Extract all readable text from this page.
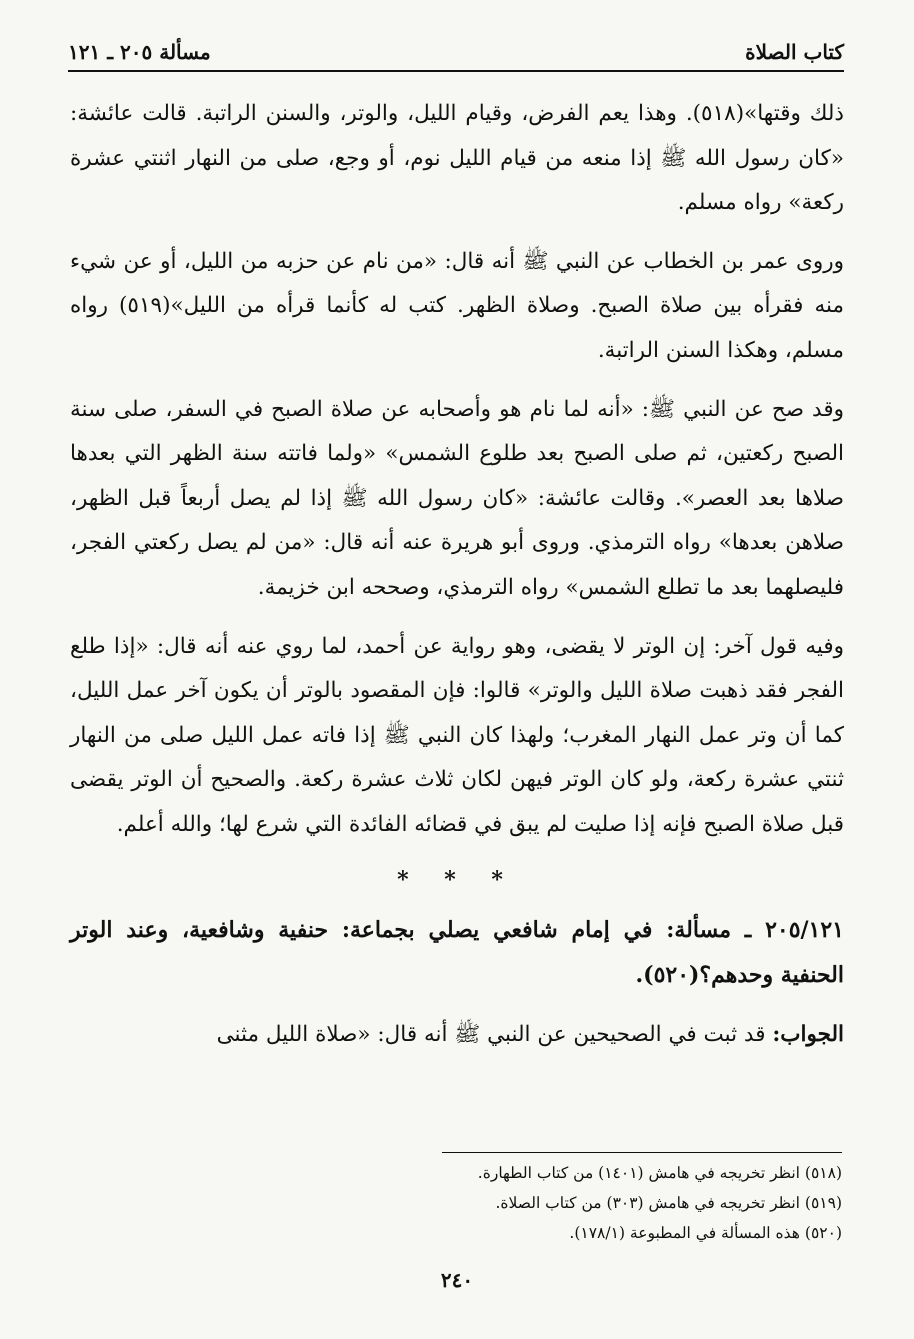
كتاب الصلاة
مسألة ٢٠٥ ـ ١٢١

ذلك وقتها»(٥١٨). وهذا يعم الفرض، وقيام الليل، والوتر، والسنن الراتبة. قالت عائشة: «كان رسول الله ﷺ إذا منعه من قيام الليل نوم، أو وجع، صلى من النهار اثنتي عشرة ركعة» رواه مسلم.

وروى عمر بن الخطاب عن النبي ﷺ أنه قال: «من نام عن حزبه من الليل، أو عن شيء منه فقرأه بين صلاة الصبح. وصلاة الظهر. كتب له كأنما قرأه من الليل»(٥١٩) رواه مسلم، وهكذا السنن الراتبة.

وقد صح عن النبي ﷺ: «أنه لما نام هو وأصحابه عن صلاة الصبح في السفر، صلى سنة الصبح ركعتين، ثم صلى الصبح بعد طلوع الشمس» «ولما فاتته سنة الظهر التي بعدها صلاها بعد العصر». وقالت عائشة: «كان رسول الله ﷺ إذا لم يصل أربعاً قبل الظهر، صلاهن بعدها» رواه الترمذي. وروى أبو هريرة عنه أنه قال: «من لم يصل ركعتي الفجر، فليصلهما بعد ما تطلع الشمس» رواه الترمذي، وصححه ابن خزيمة.

وفيه قول آخر: إن الوتر لا يقضى، وهو رواية عن أحمد، لما روي عنه أنه قال: «إذا طلع الفجر فقد ذهبت صلاة الليل والوتر» قالوا: فإن المقصود بالوتر أن يكون آخر عمل الليل، كما أن وتر عمل النهار المغرب؛ ولهذا كان النبي ﷺ إذا فاته عمل الليل صلى من النهار ثنتي عشرة ركعة، ولو كان الوتر فيهن لكان ثلاث عشرة ركعة. والصحيح أن الوتر يقضى قبل صلاة الصبح فإنه إذا صليت لم يبق في قضائه الفائدة التي شرع لها؛ والله أعلم.

* * *

٢٠٥/١٢١ ـ مسألة: في إمام شافعي يصلي بجماعة: حنفية وشافعية، وعند الوتر الحنفية وحدهم؟(٥٢٠).

الجواب: قد ثبت في الصحيحين عن النبي ﷺ أنه قال: «صلاة الليل مثنى

(٥١٨) انظر تخريجه في هامش (١٤٠١) من كتاب الطهارة.
(٥١٩) انظر تخريجه في هامش (٣٠٣) من كتاب الصلاة.
(٥٢٠) هذه المسألة في المطبوعة (١٧٨/١).
٢٤٠
